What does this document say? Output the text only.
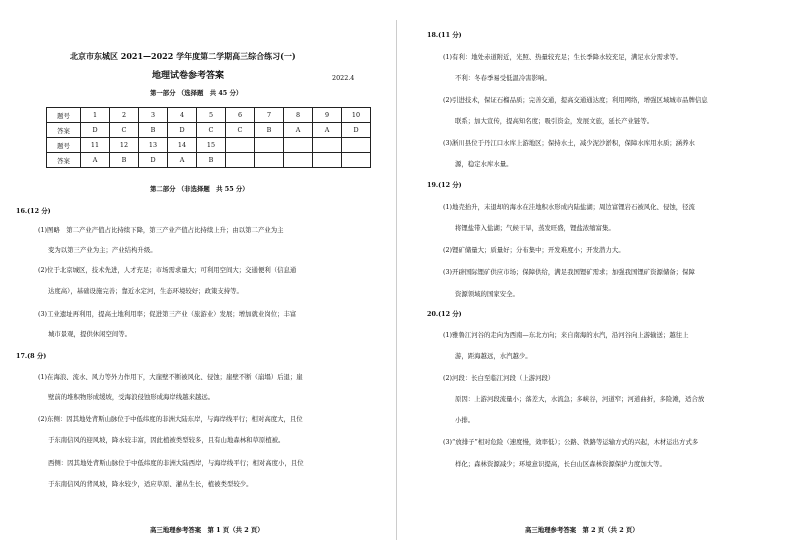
北京市东城区 2021—2022 学年度第二学期高三综合练习(一)
地理试卷参考答案	2022.4
第一部分 （选择题　共 45 分）
题号	1	2	3	4	5	6	7	8	9	10
答案	D	C	B	D	C	C	B	A	A	D
题号	11	12	13	14	15					
答案	A	B	D	A	B					
第二部分 （非选择题　共 55 分）
16.(12 分)
(1)图略　第二产业产值占比持续下降，第三产业产值占比持续上升；由以第二产业为主
变为以第三产业为主；产业结构升级。
(2)位于北京城区，技术先进，人才充足；市场需求量大；可利用空间大；交通便利（信息通
达度高），基础设施完善；靠近水定河，生态环境较好；政策支持等。
(3)工业遗址再利用，提高土地利用率；促进第三产业（旅游业）发展；增加就业岗位；丰富
城市景观，提供休闲空间等。
17.(8 分)
(1)在海浪、流水、风力等外力作用下，大崖壁不断被风化、侵蚀；崖壁不断（崩塌）后退；崖
壁前的堆积物形成缓坡，受海浪侵蚀形成海岸线越来越远。
(2)东侧：因其地处背斯山脉位于中低纬度的非洲大陆东岸，与海岸线平行；相对高度大，且位
于东南信风的迎风坡，降水较丰富，因此植被类型较多，且有山地森林和草原植被。
西侧：因其地处背斯山脉位于中低纬度的非洲大陆西岸，与海岸线平行；相对高度小，且位
于东南信风的背风坡，降水较少，适应草原、灌丛生长，植被类型较少。
高三地理参考答案　第 1 页（共 2 页）
18.(11 分)
(1)有利：地处赤道附近，光照、热量较充足；生长季降水较充足，满足水分需求等。
不利：冬春季易受低温冷害影响。
(2)引进技术，保证石榴品质；完善交通，提高交通通达度；利用网络，增强区域城市品牌信息
联系；加大宣传，提高知名度；吸引资金，发展文旅，延长产业链等。
(3)淅川县位于丹江口水库上游地区；保持水土，减少泥沙淤积，保障水库用水质；涵养水
源，稳定水库水量。
19.(12 分)
(1)地壳抬升，末退却的海水在洼地积水形成内陆盐湖；周边富锂岩石被风化、侵蚀，径流
将锂盐带入盐湖；气候干旱，蒸发旺盛，锂盐浓缩富集。
(2)锂矿储量大；质量好；分布集中；开发难度小；开发潜力大。
(3)开辟国际锂矿供应市场；保障供给，满足我国锂矿需求；加强我国锂矿资源储备；保障
资源领域的国家安全。
20.(12 分)
(1)雅鲁江河谷的走向为西南—东北方向；来自南海的水汽，沿河谷向上游输送；越往上
游，距海越远，水汽越少。
(2)河段：长白至临江河段（上游河段）
原因：上游河段流量小；落差大，水流急；多峡谷，河道窄；河道曲折，多险滩，适合放
小排。
(3)“放排子”相对危险（速度慢，效率低）；公路、铁路等运输方式的兴起，木材运出方式多
样化；森林资源减少；环境意识提高，长白山区森林资源保护力度加大等。
高三地理参考答案　第 2 页（共 2 页）
